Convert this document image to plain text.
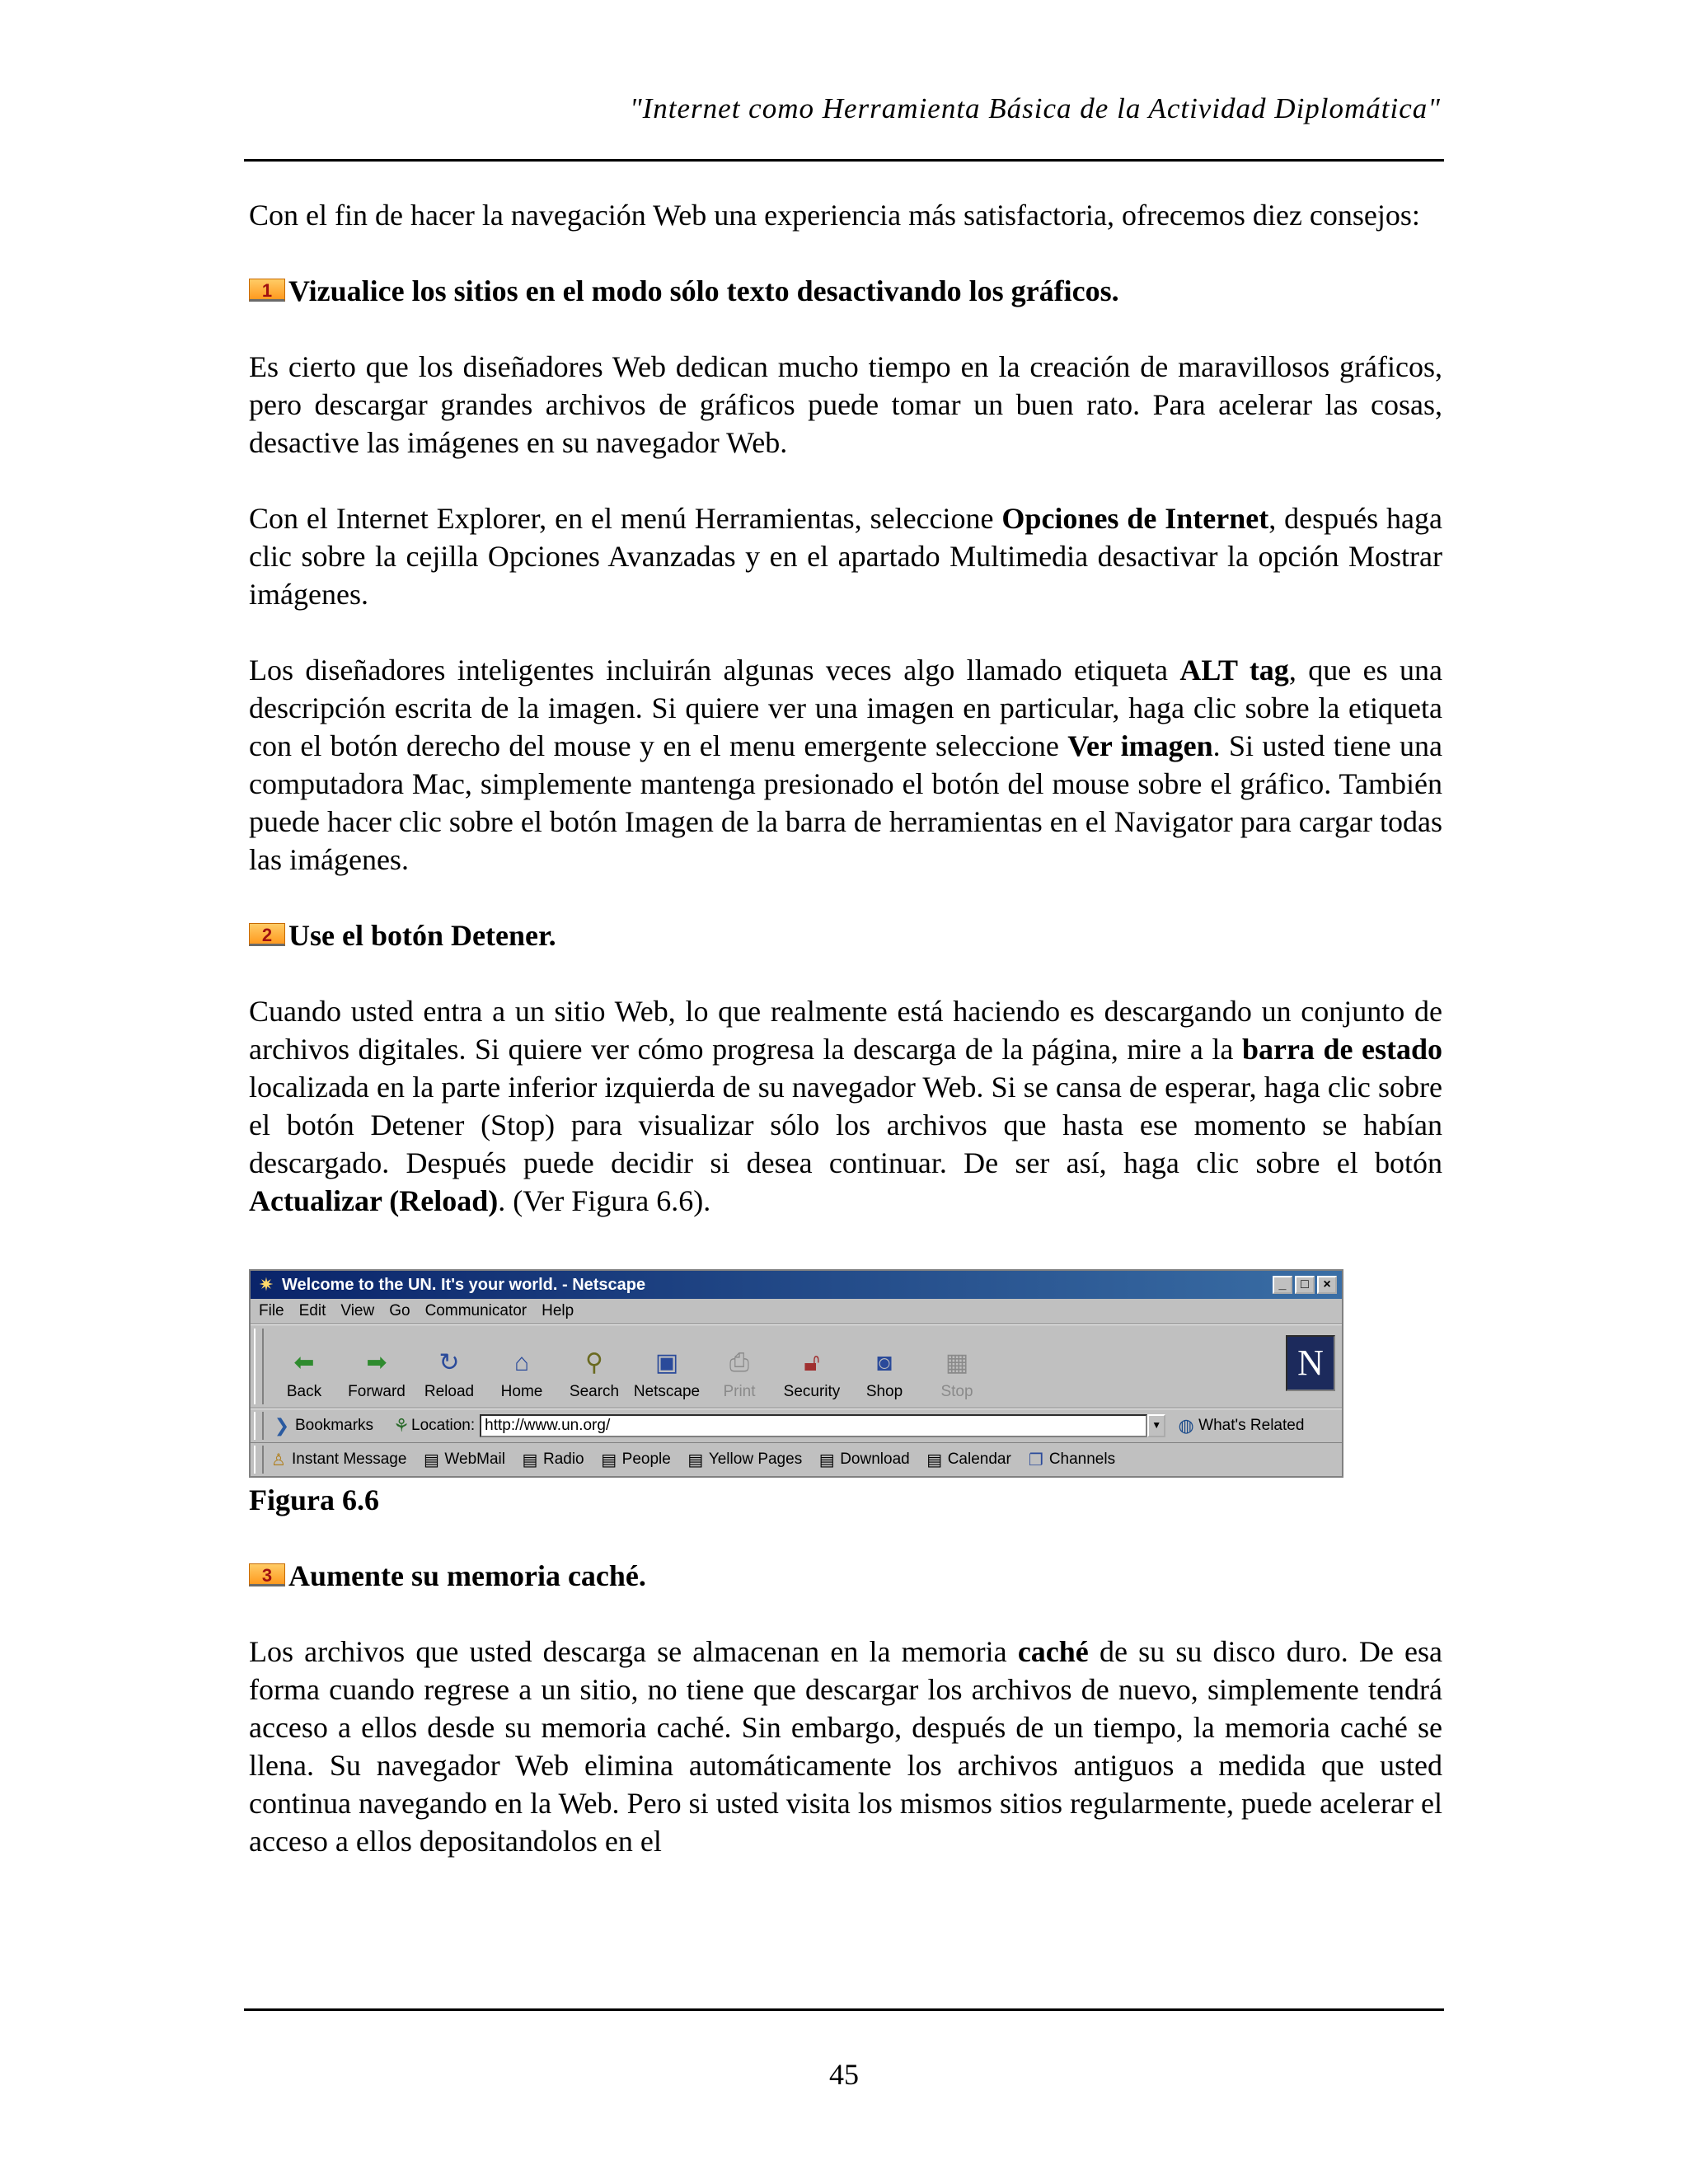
"Internet como Herramienta Básica de la Actividad Diplomática"

Con el fin de hacer la navegación Web una experiencia más satisfactoria, ofrecemos diez consejos:

1 Vizualice los sitios en el modo sólo texto desactivando los gráficos.

Es cierto que los diseñadores Web dedican mucho tiempo en la creación de maravillosos gráficos, pero descargar grandes archivos de gráficos puede tomar un buen rato. Para acelerar las cosas, desactive las imágenes en su navegador Web.

Con el Internet Explorer, en el menú Herramientas, seleccione Opciones de Internet, después haga clic sobre la cejilla Opciones Avanzadas y en el apartado Multimedia desactivar la opción Mostrar imágenes.

Los diseñadores inteligentes incluirán algunas veces algo llamado etiqueta ALT tag, que es una descripción escrita de la imagen. Si quiere ver una imagen en particular, haga clic sobre la etiqueta con el botón derecho del mouse y en el menu emergente seleccione Ver imagen. Si usted tiene una computadora Mac, simplemente mantenga presionado el botón del mouse sobre el gráfico. También puede hacer clic sobre el botón Imagen de la barra de herramientas en el Navigator para cargar todas las imágenes.

2 Use el botón Detener.

Cuando usted entra a un sitio Web, lo que realmente está haciendo es descargando un conjunto de archivos digitales. Si quiere ver cómo progresa la descarga de la página, mire a la barra de estado localizada en la parte inferior izquierda de su navegador Web. Si se cansa de esperar, haga clic sobre el botón Detener (Stop) para visualizar sólo los archivos que hasta ese momento se habían descargado. Después puede decidir si desea continuar. De ser así, haga clic sobre el botón Actualizar (Reload). (Ver Figura 6.6).

✷ Welcome to the UN. It's your world. - Netscape	_	□	×
File Edit View Go Communicator Help
⬅
Back
➡
Forward
↻
Reload
⌂
Home
⚲
Search
▣
Netscape
⎙
Print
🔓︎
Security
◙
Shop
▦
Stop
N
❯ Bookmarks ⚘ Location: http://www.un.org/	▼ ◍ What's Related
♙ Instant Message ▤ WebMail ▤ Radio ▤ People ▤ Yellow Pages ▤ Download ▤ Calendar ❐ Channels
Figura 6.6
3 Aumente su memoria caché.

Los archivos que usted descarga se almacenan en la memoria caché de su su disco duro. De esa forma cuando regrese a un sitio, no tiene que descargar los archivos de nuevo, simplemente tendrá acceso a ellos desde su memoria caché. Sin embargo, después de un tiempo, la memoria caché se llena. Su navegador Web elimina automáticamente los archivos antiguos a medida que usted continua navegando en la Web. Pero si usted visita los mismos sitios regularmente, puede acelerar el acceso a ellos depositandolos en el

45
